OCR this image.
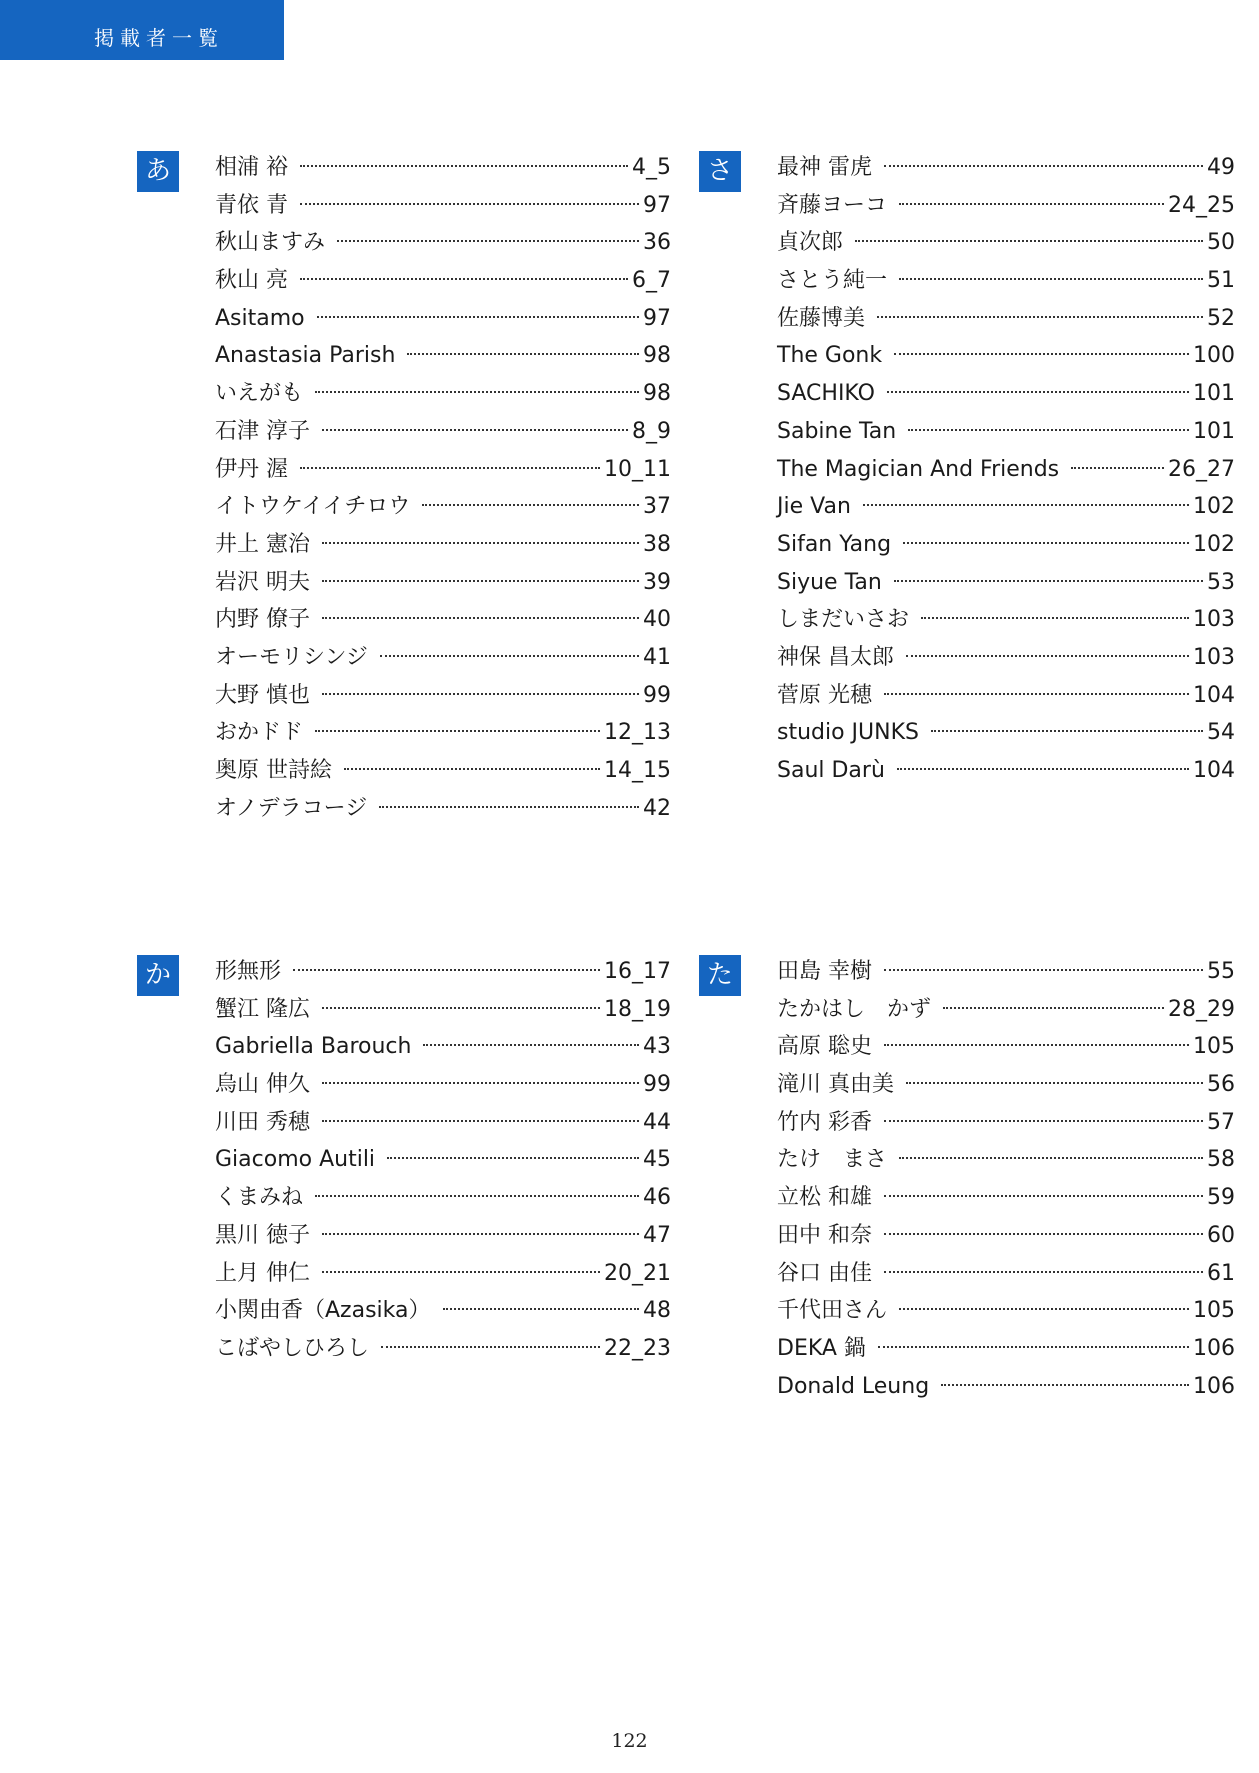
掲載者一覧
あ	相浦 裕	4_5
青依 青	97
秋山ますみ	36
秋山 亮	6_7
Asitamo	97
Anastasia Parish	98
いえがも	98
石津 淳子	8_9
伊丹 渥	10_11
イトウケイイチロウ	37
井上 憲治	38
岩沢 明夫	39
内野 僚子	40
オーモリシンジ	41
大野 慎也	99
おかドド	12_13
奥原 世詩絵	14_15
オノデラコージ	42
さ	最神 雷虎	49
斉藤ヨーコ	24_25
貞次郎	50
さとう純一	51
佐藤博美	52
The Gonk	100
SACHIKO	101
Sabine Tan	101
The Magician And Friends	26_27
Jie Van	102
Sifan Yang	102
Siyue Tan	53
しまだいさお	103
神保 昌太郎	103
菅原 光穂	104
studio JUNKS	54
Saul Darù	104
か	形無形	16_17
蟹江 隆広	18_19
Gabriella Barouch	43
烏山 伸久	99
川田 秀穂	44
Giacomo Autili	45
くまみね	46
黒川 徳子	47
上月 伸仁	20_21
小関由香（Azasika）	48
こばやしひろし	22_23
た	田島 幸樹	55
たかはし　かず	28_29
高原 聡史	105
滝川 真由美	56
竹内 彩香	57
たけ　まさ	58
立松 和雄	59
田中 和奈	60
谷口 由佳	61
千代田さん	105
DEKA 鍋	106
Donald Leung	106
122
